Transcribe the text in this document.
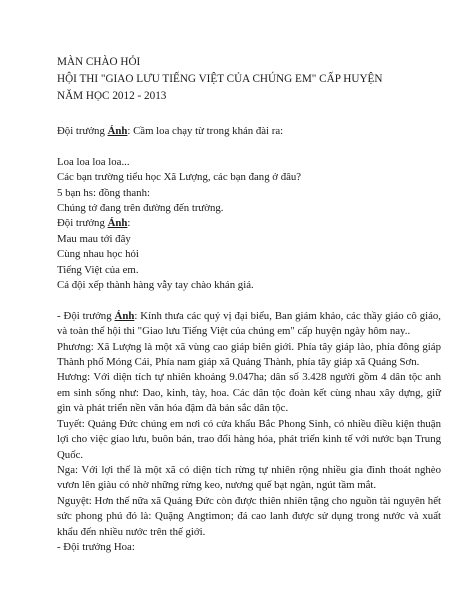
MÀN CHÀO HỎI
HỘI THI "GIAO LƯU TIẾNG VIỆT CỦA CHÚNG EM" CẤP HUYỆN
NĂM HỌC 2012 - 2013
Đội trưởng Ánh: Cầm loa chạy từ trong khán đài ra:
Loa loa loa loa...
Các bạn trường tiểu học Xã Lượng, các bạn đang ở đâu?
5 bạn hs: đồng thanh:
Chúng tớ đang trên đường đến trường.
Đội trưởng Ánh:
Mau mau tới đây
Cùng nhau học hỏi
Tiếng Việt của em.
Cả đội xếp thành hàng vẫy tay chào khán giả.

- Đội trưởng Ánh: Kính thưa các quý vị đại biểu, Ban giám khảo, các thầy giáo cô giáo, và toàn thể hội thi "Giao lưu Tiếng Việt của chúng em" cấp huyện ngày hôm nay..

Phương: Xã Lượng là một xã vùng cao giáp biên giới. Phía tây giáp lào, phía đông giáp Thành phố Móng Cái, Phía nam giáp xã Quảng Thành, phía tây giáp xã Quảng Sơn.

Hương: Với diện tích tự nhiên khoảng 9.047ha; dân số 3.428 người gồm 4 dân tộc anh em sinh sống như: Dao, kinh, tày, hoa. Các dân tộc đoàn kết cùng nhau xây dựng, giữ gìn và phát triển nền văn hóa đậm đà bản sắc dân tộc.

Tuyết: Quảng Đức chúng em nơi có cửa khẩu Bắc Phong Sinh, có nhiều điều kiện thuận lợi cho việc giao lưu, buôn bán, trao đổi hàng hóa, phát triển kinh tế với nước bạn Trung Quốc.

Nga: Với lợi thế là một xã có diện tích rừng tự nhiên rộng nhiều gia đình thoát nghèo vươn lên giàu có nhờ những rừng keo, nương quế bạt ngàn, ngút tầm mắt.

Nguyệt: Hơn thế nữa xã Quảng Đức còn được thiên nhiên tặng cho nguồn tài nguyên hết sức phong phú đó là: Quặng Angtimon; đá cao lanh được sử dụng trong nước và xuất khẩu đến nhiều nước trên thế giới.

- Đội trưởng Hoa:
